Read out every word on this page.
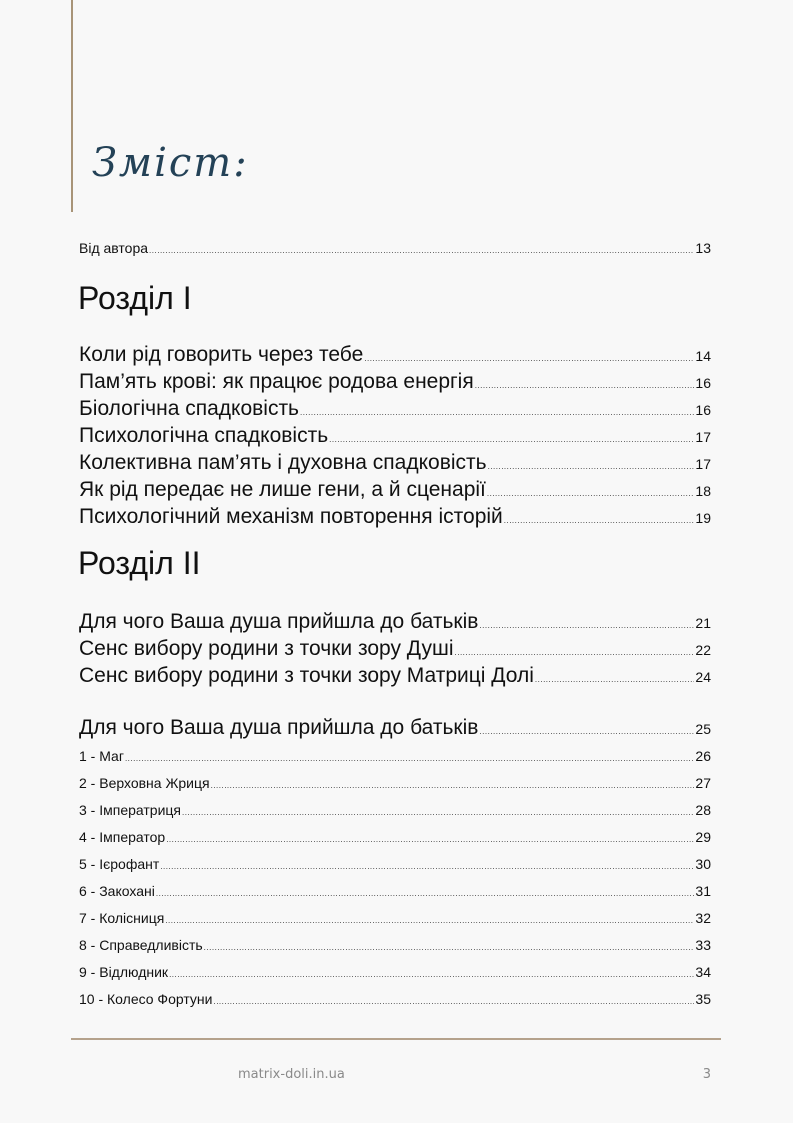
Зміст:
Від автора .....	13
Розділ I
Коли рід говорить через тебе .....	14
Пам’ять крові: як працює родова енергія .....	16
Біологічна спадковість .....	16
Психологічна спадковість .....	17
Колективна пам’ять і духовна спадковість .....	17
Як рід передає не лише гени, а й сценарії .....	18
Психологічний механізм повторення історій .....	19
Розділ II
Для чого Ваша душа прийшла до батьків .....	21
Сенс вибору родини з точки зору Душі .....	22
Сенс вибору родини з точки зору Матриці Долі .....	24
Для чого Ваша душа прийшла до батьків .....	25
1 - Маг .....	26
2 - Верховна Жриця .....	27
3 - Імператриця .....	28
4 - Імператор .....	29
5 - Ієрофант .....	30
6 - Закохані .....	31
7 - Колісниця .....	32
8 - Справедливість .....	33
9 - Відлюдник .....	34
10 - Колесо Фортуни .....	35
matrix-doli.in.ua	3
